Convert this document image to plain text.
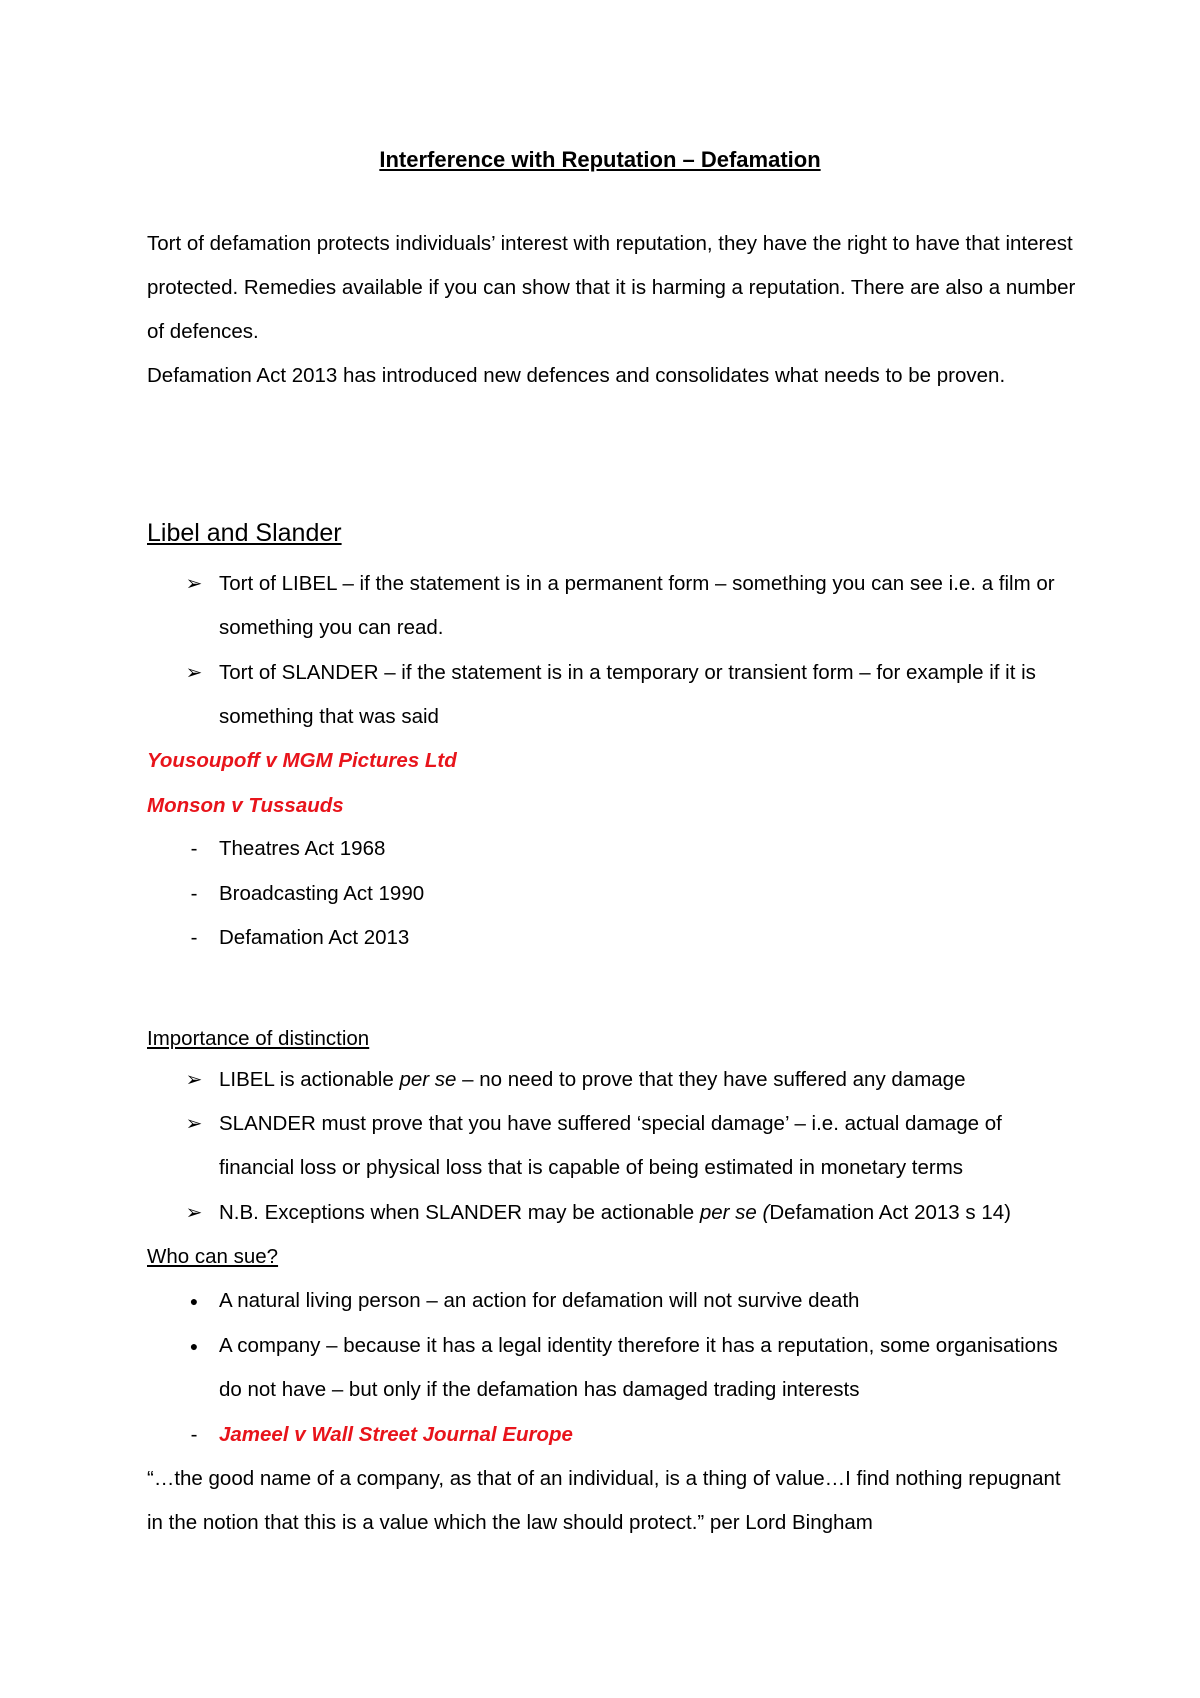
Interference with Reputation – Defamation
Tort of defamation protects individuals’ interest with reputation, they have the right to have that interest protected. Remedies available if you can show that it is harming a reputation. There are also a number of defences.
Defamation Act 2013 has introduced new defences and consolidates what needs to be proven.
Libel and Slander
➢ Tort of LIBEL – if the statement is in a permanent form – something you can see i.e. a film or something you can read.
➢ Tort of SLANDER – if the statement is in a temporary or transient form – for example if it is something that was said
Yousoupoff v MGM Pictures Ltd
Monson v Tussauds
-	Theatres Act 1968
-	Broadcasting Act 1990
-	Defamation Act 2013
Importance of distinction
➢ LIBEL is actionable per se – no need to prove that they have suffered any damage
➢ SLANDER must prove that you have suffered ‘special damage’ – i.e. actual damage of financial loss or physical loss that is capable of being estimated in monetary terms
➢ N.B. Exceptions when SLANDER may be actionable per se (Defamation Act 2013 s 14)
Who can sue?
● A natural living person – an action for defamation will not survive death
● A company – because it has a legal identity therefore it has a reputation, some organisations do not have – but only if the defamation has damaged trading interests
-	Jameel v Wall Street Journal Europe
“…the good name of a company, as that of an individual, is a thing of value…I find nothing repugnant in the notion that this is a value which the law should protect.” per Lord Bingham
